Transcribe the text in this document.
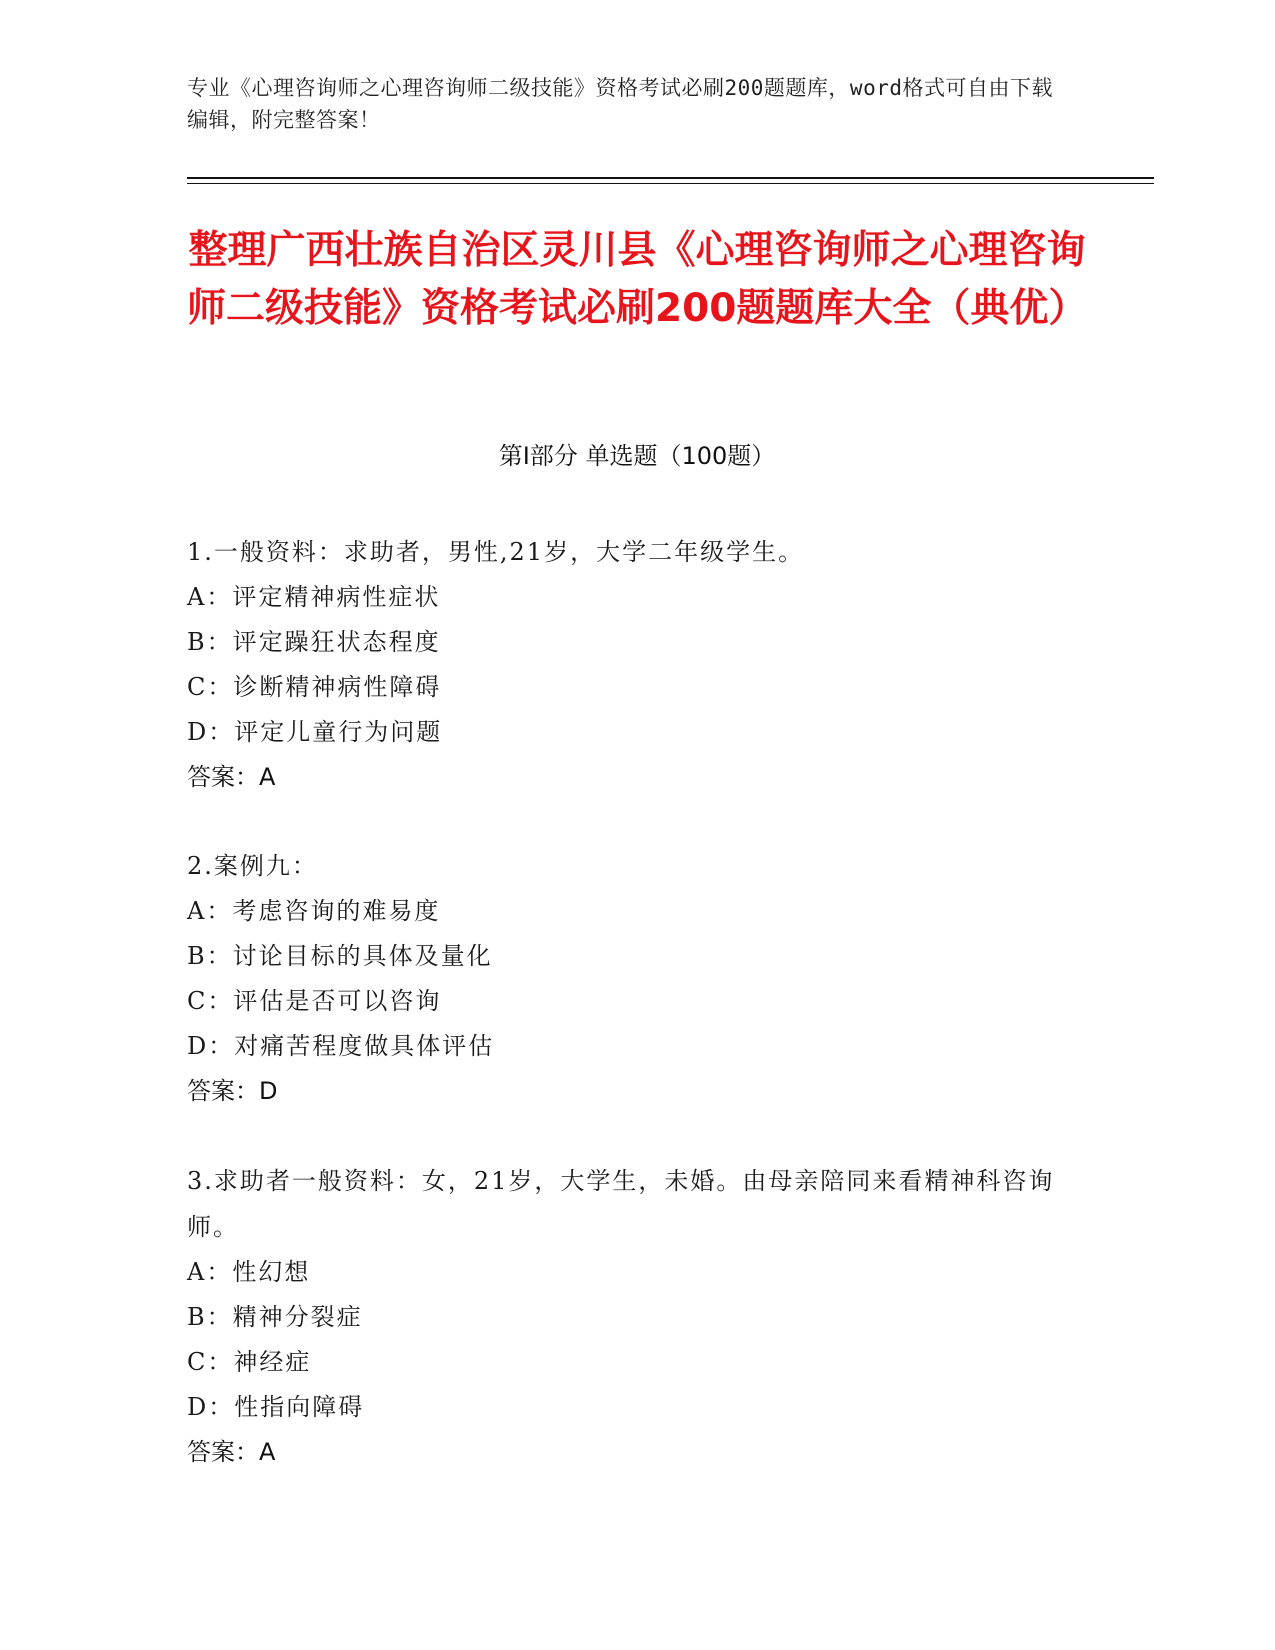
专业《心理咨询师之心理咨询师二级技能》资格考试必刷200题题库，word格式可自由下载编辑，附完整答案！
整理广西壮族自治区灵川县《心理咨询师之心理咨询师二级技能》资格考试必刷200题题库大全（典优）
第I部分 单选题（100题）
1.一般资料：求助者，男性,21岁，大学二年级学生。
A：评定精神病性症状
B：评定躁狂状态程度
C：诊断精神病性障碍
D：评定儿童行为问题
答案：A
2.案例九：
A：考虑咨询的难易度
B：讨论目标的具体及量化
C：评估是否可以咨询
D：对痛苦程度做具体评估
答案：D
3.求助者一般资料：女，21岁，大学生，未婚。由母亲陪同来看精神科咨询师。
A：性幻想
B：精神分裂症
C：神经症
D：性指向障碍
答案：A
